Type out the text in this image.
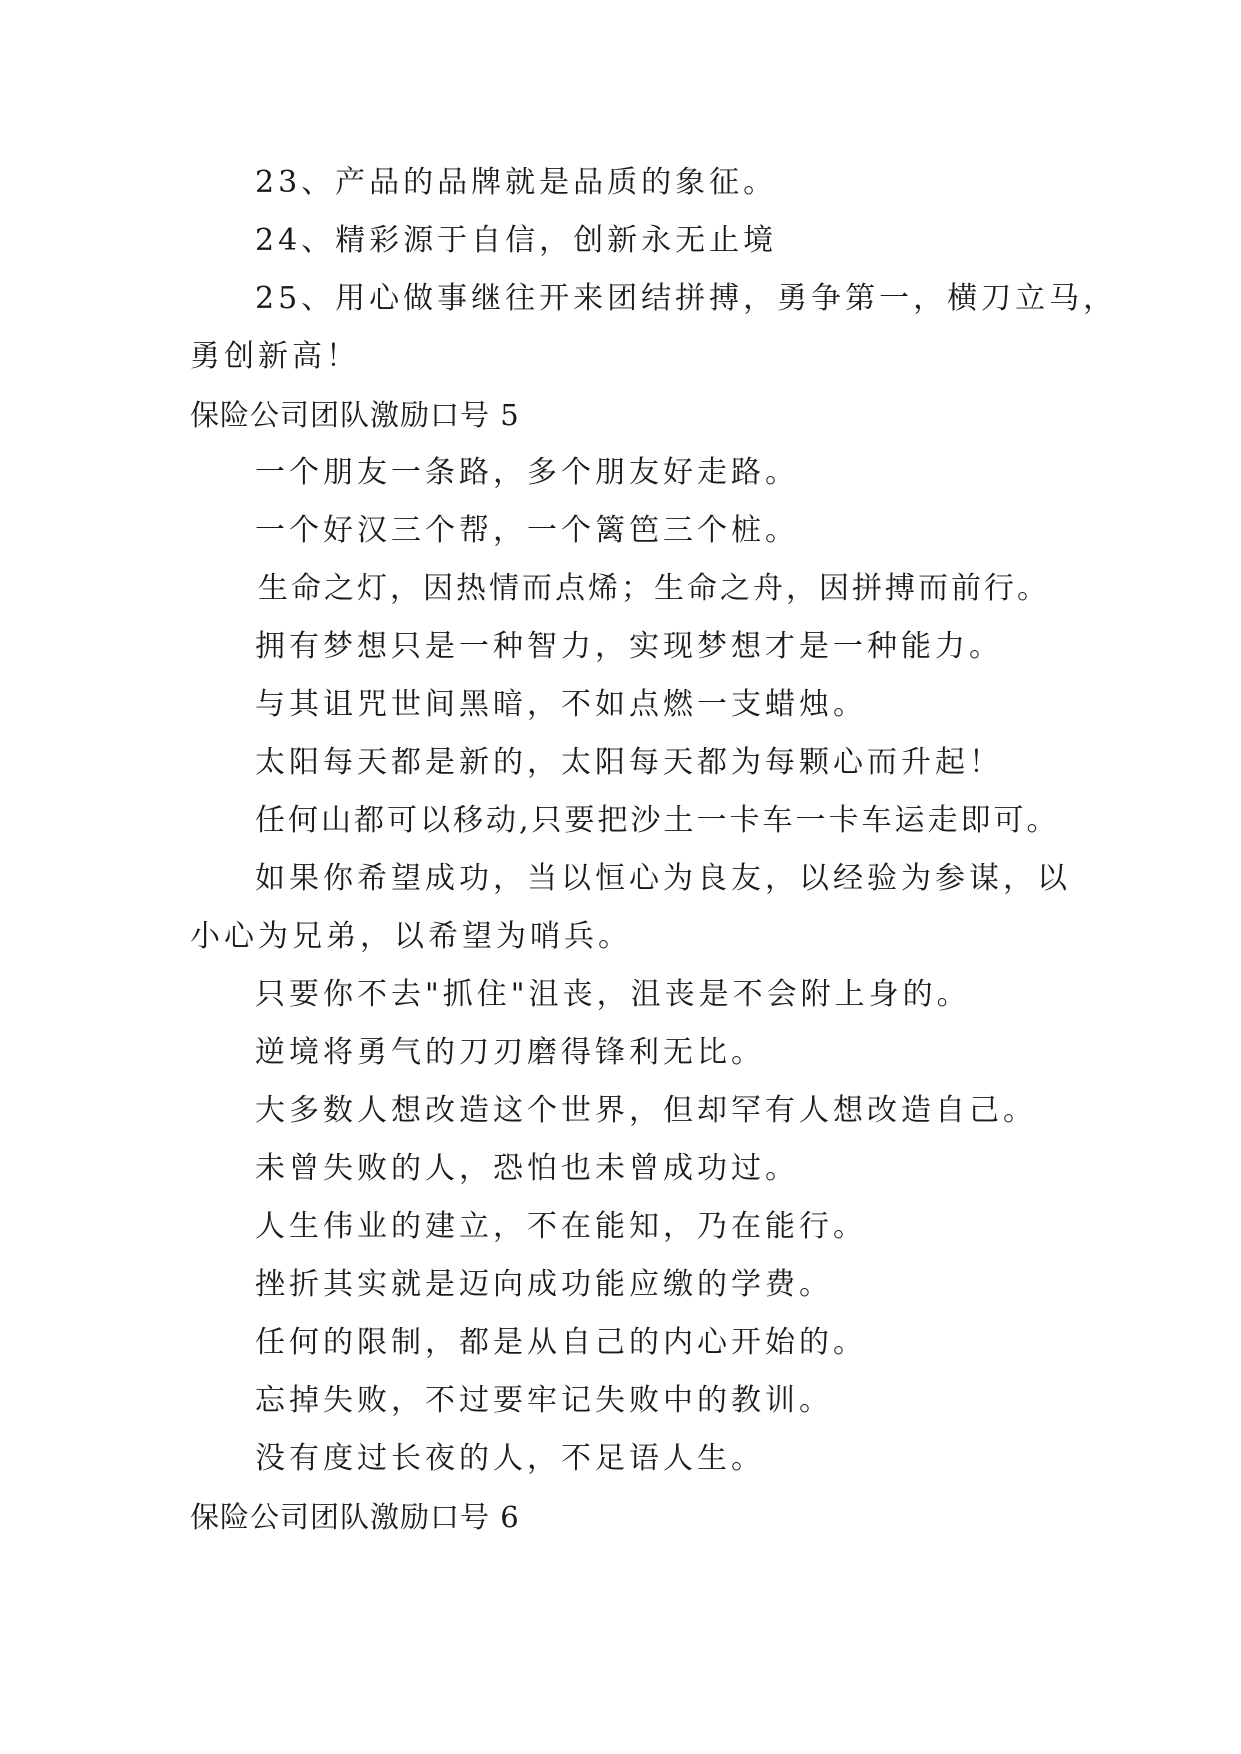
23、产品的品牌就是品质的象征。
24、精彩源于自信，创新永无止境
25、用心做事继往开来团结拼搏，勇争第一，横刀立马，
勇创新高！
保险公司团队激励口号 5
一个朋友一条路，多个朋友好走路。
一个好汉三个帮，一个篱笆三个桩。
生命之灯，因热情而点烯；生命之舟，因拼搏而前行。
拥有梦想只是一种智力，实现梦想才是一种能力。
与其诅咒世间黑暗，不如点燃一支蜡烛。
太阳每天都是新的，太阳每天都为每颗心而升起！
任何山都可以移动,只要把沙土一卡车一卡车运走即可。
如果你希望成功，当以恒心为良友，以经验为参谋，以
小心为兄弟，以希望为哨兵。
只要你不去"抓住"沮丧，沮丧是不会附上身的。
逆境将勇气的刀刃磨得锋利无比。
大多数人想改造这个世界，但却罕有人想改造自己。
未曾失败的人，恐怕也未曾成功过。
人生伟业的建立，不在能知，乃在能行。
挫折其实就是迈向成功能应缴的学费。
任何的限制，都是从自己的内心开始的。
忘掉失败，不过要牢记失败中的教训。
没有度过长夜的人，不足语人生。
保险公司团队激励口号 6
